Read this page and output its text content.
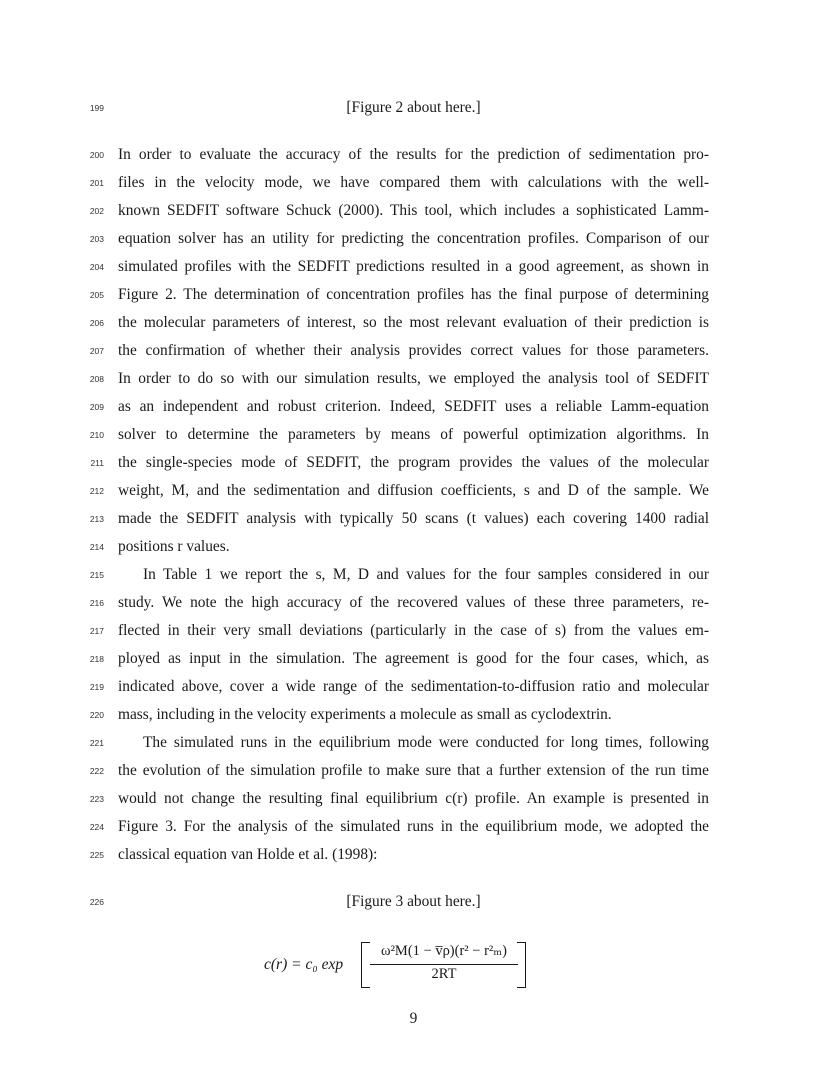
199	[Figure 2 about here.]
200 In order to evaluate the accuracy of the results for the prediction of sedimentation pro-
201 files in the velocity mode, we have compared them with calculations with the well-
202 known SEDFIT software Schuck (2000). This tool, which includes a sophisticated Lamm-
203 equation solver has an utility for predicting the concentration profiles. Comparison of our
204 simulated profiles with the SEDFIT predictions resulted in a good agreement, as shown in
205 Figure 2. The determination of concentration profiles has the final purpose of determining
206 the molecular parameters of interest, so the most relevant evaluation of their prediction is
207 the confirmation of whether their analysis provides correct values for those parameters.
208 In order to do so with our simulation results, we employed the analysis tool of SEDFIT
209 as an independent and robust criterion. Indeed, SEDFIT uses a reliable Lamm-equation
210 solver to determine the parameters by means of powerful optimization algorithms. In
211 the single-species mode of SEDFIT, the program provides the values of the molecular
212 weight, M, and the sedimentation and diffusion coefficients, s and D of the sample. We
213 made the SEDFIT analysis with typically 50 scans (t values) each covering 1400 radial
214 positions r values.
215	In Table 1 we report the s, M, D and values for the four samples considered in our
216 study. We note the high accuracy of the recovered values of these three parameters, re-
217 flected in their very small deviations (particularly in the case of s) from the values em-
218 ployed as input in the simulation. The agreement is good for the four cases, which, as
219 indicated above, cover a wide range of the sedimentation-to-diffusion ratio and molecular
220 mass, including in the velocity experiments a molecule as small as cyclodextrin.
221	The simulated runs in the equilibrium mode were conducted for long times, following
222 the evolution of the simulation profile to make sure that a further extension of the run time
223 would not change the resulting final equilibrium c(r) profile. An example is presented in
224 Figure 3. For the analysis of the simulated runs in the equilibrium mode, we adopted the
225 classical equation van Holde et al. (1998):
226	[Figure 3 about here.]
c(r) = c₀ exp
ω²M(1 − v̅ρ)(r² − r²ₘ)
2RT
9
